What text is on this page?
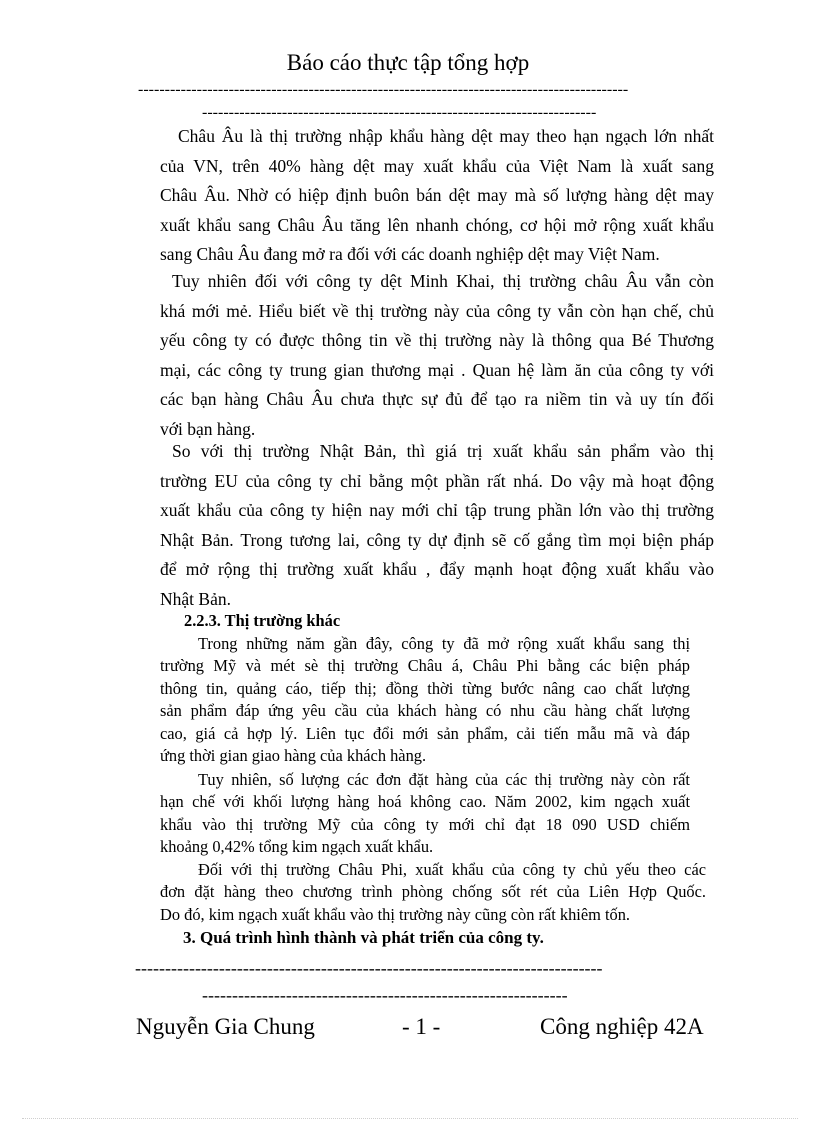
Báo cáo thực tập tổng hợp
--------------------------------------------------------------------------------------------
--------------------------------------------------------------------------
Châu Âu là thị trường nhập khẩu hàng dệt may theo hạn ngạch lớn nhất
của VN, trên 40% hàng dệt may xuất khẩu của Việt Nam là xuất sang
Châu Âu. Nhờ có hiệp định buôn bán dệt may mà số lượng hàng dệt may
xuất khẩu sang Châu Âu tăng lên nhanh chóng, cơ hội mở rộng xuất khẩu
sang Châu Âu đang mở ra đối với các doanh nghiệp dệt may Việt Nam.
Tuy nhiên đối với công ty dệt Minh Khai, thị trường châu Âu vẫn còn
khá mới mẻ. Hiểu biết về thị trường này của công ty vẫn còn hạn chế, chủ
yếu công ty có được thông tin về thị trường này là thông qua Bé Thương
mại, các công ty trung gian thương mại . Quan hệ làm ăn của công ty với
các bạn hàng Châu Âu chưa thực sự đủ để tạo ra niềm tin và uy tín đối
với bạn hàng.
So với thị trường Nhật Bản, thì giá trị xuất khẩu sản phẩm vào thị
trường EU của công ty chỉ bằng một phần rất nhá. Do vậy mà hoạt động
xuất khẩu của công ty hiện nay mới chỉ tập trung phần lớn vào thị trường
Nhật Bản. Trong tương lai, công ty dự định sẽ cố gắng tìm mọi biện pháp
để mở rộng thị trường xuất khẩu , đẩy mạnh hoạt động xuất khẩu vào
Nhật Bản.
2.2.3. Thị trường khác
Trong những năm gần đây, công ty đã mở rộng xuất khẩu sang thị
trường Mỹ và mét sè thị trường Châu á, Châu Phi bằng các biện pháp
thông tin, quảng cáo, tiếp thị; đồng thời từng bước nâng cao chất lượng
sản phẩm đáp ứng yêu cầu của khách hàng có nhu cầu hàng chất lượng
cao, giá cả hợp lý. Liên tục đổi mới sản phẩm, cải tiến mẫu mã và đáp
ứng thời gian giao hàng của khách hàng.
Tuy nhiên, số lượng các đơn đặt hàng của các thị trường này còn rất
hạn chế với khối lượng hàng hoá không cao. Năm 2002, kim ngạch xuất
khẩu vào thị trường Mỹ của công ty mới chỉ đạt 18 090 USD chiếm
khoảng 0,42% tổng kim ngạch xuất khẩu.
Đối với thị trường Châu Phi, xuất khẩu của công ty chủ yếu theo các
đơn đặt hàng theo chương trình phòng chống sốt rét của Liên Hợp Quốc.
Do đó, kim ngạch xuất khẩu vào thị trường này cũng còn rất khiêm tốn.
3. Quá trình hình thành và phát triển của công ty.
------------------------------------------------------------------------------
-------------------------------------------------------------
Nguyễn Gia Chung	- 1 -	Công nghiệp 42A
